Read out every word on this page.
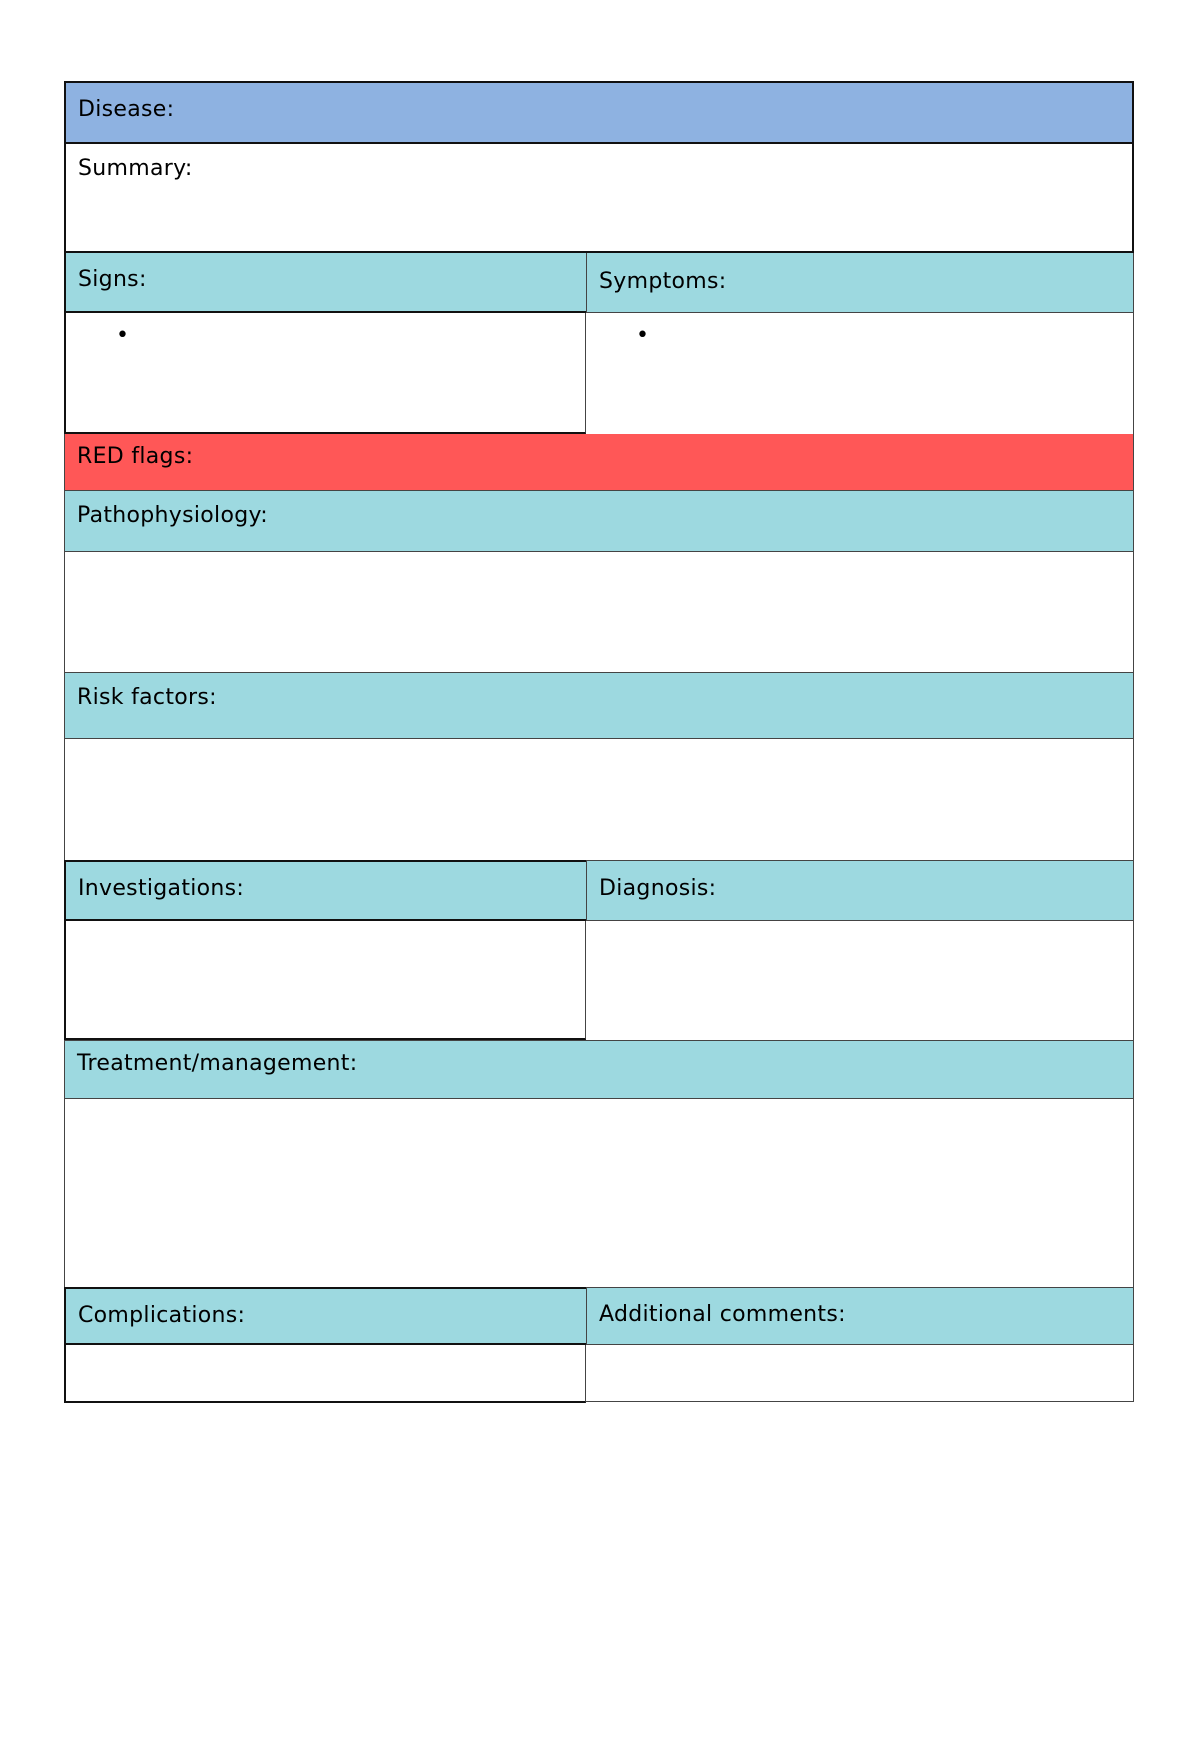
Disease:
Summary:
Signs:	Symptoms:
•	•
RED flags:
Pathophysiology:
Risk factors:
Investigations:	Diagnosis:
Treatment/management:
Complications:	Additional comments:
